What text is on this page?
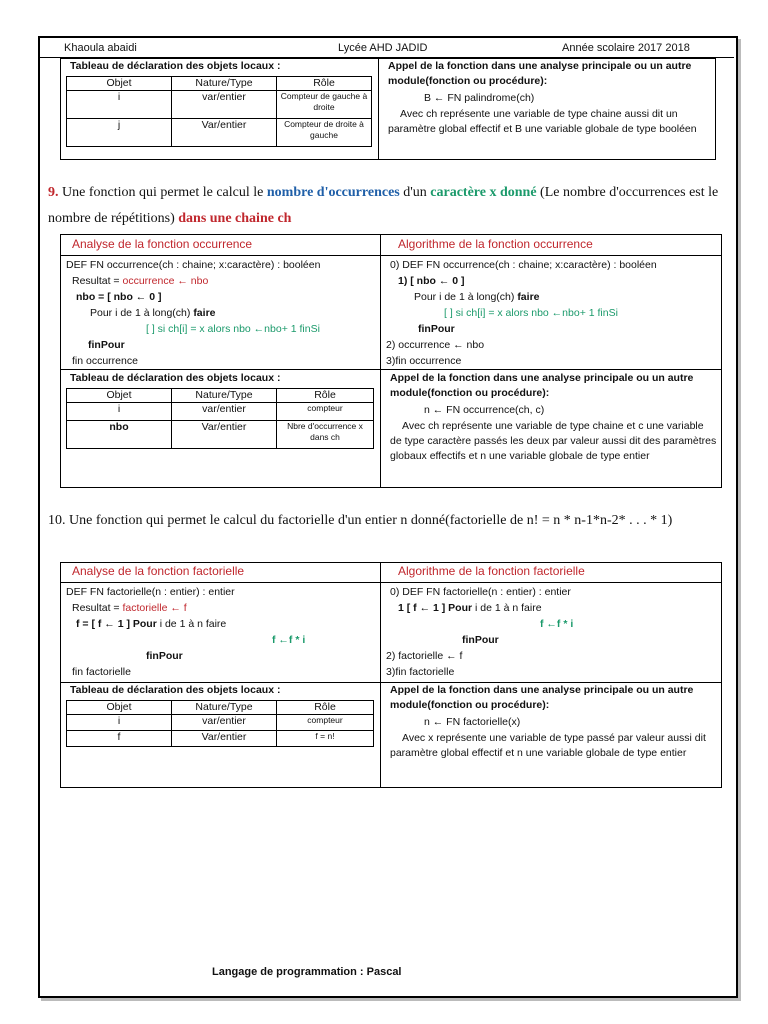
Khaoula abaidi	Lycée AHD JADID	Année scolaire 2017 2018
Tableau de déclaration des objets locaux :
Objet	Nature/Type	Rôle
i	var/entier	Compteur de gauche à droite
j	Var/entier	Compteur de droite à gauche
Appel de la fonction dans une analyse principale ou un autre module(fonction ou procédure):
B ← FN palindrome(ch)
Avec ch représente une variable de type chaine aussi dit un paramètre global effectif et B une variable globale de type booléen
9. Une fonction qui permet le calcul le nombre d'occurrences d'un caractère x donné (Le nombre d'occurrences est le nombre de répétitions) dans une chaine ch
Analyse de la fonction occurrence	Algorithme de la fonction occurrence
DEF FN occurrence(ch : chaine; x:caractère) : booléen
Resultat = occurrence ← nbo
nbo = [ nbo ← 0 ]
Pour i de 1 à long(ch) faire
[ ] si ch[i] = x alors nbo ←nbo+ 1 finSi
finPour
fin occurrence
0) DEF FN occurrence(ch : chaine; x:caractère) : booléen
1) [ nbo ← 0 ]
Pour i de 1 à long(ch) faire
[ ] si ch[i] = x alors nbo ←nbo+ 1 finSi
finPour
2) occurrence ← nbo
3)fin occurrence
Tableau de déclaration des objets locaux :
Objet	Nature/Type	Rôle
i	var/entier	compteur
nbo	Var/entier	Nbre d'occurrence x dans ch
Appel de la fonction dans une analyse principale ou un autre module(fonction ou procédure):
n ← FN occurrence(ch, c)
Avec ch représente une variable de type chaine et c une variable de type caractère passés les deux par valeur aussi dit des paramètres globaux effectifs et n une variable globale de type entier
10. Une fonction qui permet le calcul du factorielle d'un entier n donné(factorielle de n! = n * n-1*n-2* . . . * 1)
Analyse de la fonction factorielle	Algorithme de la fonction factorielle
DEF FN factorielle(n : entier) : entier
Resultat = factorielle ← f
f = [ f ← 1 ] Pour i de 1 à n faire
f ←f * i
finPour
fin factorielle
0) DEF FN factorielle(n : entier) : entier
1 [ f ← 1 ] Pour i de 1 à n faire
f ←f * i
finPour
2) factorielle ← f
3)fin factorielle
Tableau de déclaration des objets locaux :
Objet	Nature/Type	Rôle
i	var/entier	compteur
f	Var/entier	f = n!
Appel de la fonction dans une analyse principale ou un autre module(fonction ou procédure):
n ← FN factorielle(x)
Avec x représente une variable de type passé par valeur aussi dit paramètre global effectif et n une variable globale de type entier
Langage de programmation : Pascal
